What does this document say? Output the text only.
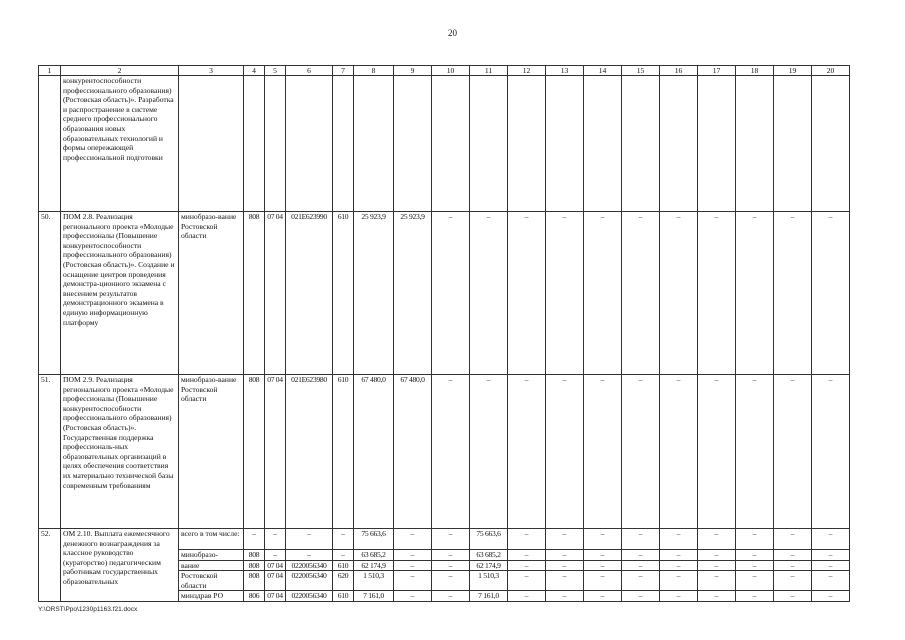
20
1	2	3	4	5	6	7	8	9	10	11	12	13	14	15	16	17	18	19	20
	конкурентоспособности профессионального образования) (Ростовская область)». Разработка и распространение в системе среднего профессионального образования новых образовательных технологий и формы опережающей профессиональной подготовки																		
50.	ПОМ 2.8. Реализация регионального проекта «Молодые профессионалы (Повышение конкурентоспособности профессионального образования) (Ростовская область)». Создание и оснащение центров проведения демонстра-ционного экзамена с внесением результатов демонстрационного экзамена в единую информационную платформу	минобразо-вание Ростовской области	808	07 04	021E623990	610	25 923,9	25 923,9	–	–	–	–	–	–	–	–	–	–	–
51.	ПОМ 2.9. Реализация регионального проекта «Молодые профессионалы (Повышение конкурентоспособности профессионального образования) (Ростовская область)». Государственная поддержка профессиональ-ных образовательных организаций в целях обеспечения соответствия их материально технической базы современным требованиям	минобразо-вание Ростовской области	808	07 04	021E623980	610	67 480,0	67 480,0	–	–	–	–	–	–	–	–	–	–	–
52.	ОМ 2.10. Выплата ежемесячного денежного вознаграждения за классное руководство (кураторство) педагогическим работникам государственных образовательных	всего в том числе:	–	–	–	–	75 663,6	–	–	75 663,6	–	–	–	–	–	–	–	–	–
		минобразо-	808	–	–	–	63 685,2	–	–	63 685,2	–	–	–	–	–	–	–	–	–
		вание	808	07 04	0220056340	610	62 174,9	–	–	62 174,9	–	–	–	–	–	–	–	–	–
		Ростовской области	808	07 04	0220056340	620	1 510,3	–	–	1 510,3	–	–	–	–	–	–	–	–	–
		минздрав РО	806	07 04	0220056340	610	7 161,0	–	–	7 161,0	–	–	–	–	–	–	–	–	–
Y:\ORST\Ppo\1230p1163.f21.docx
